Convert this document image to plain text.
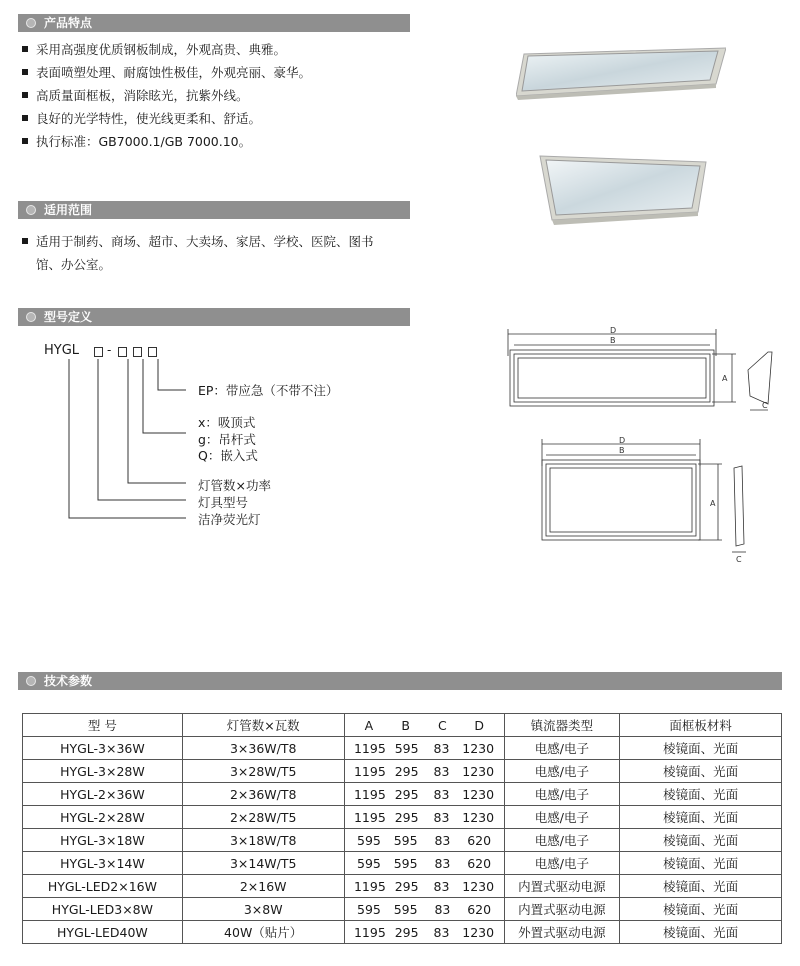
产品特点
采用高强度优质钢板制成，外观高贵、典雅。
表面喷塑处理、耐腐蚀性极佳，外观亮丽、豪华。
高质量面框板，消除眩光，抗紫外线。
良好的光学特性，使光线更柔和、舒适。
执行标准：GB7000.1/GB 7000.10。
适用范围
适用于制药、商场、超市、大卖场、家居、学校、医院、图书
馆、办公室。
型号定义
HYGL -
EP：带应急（不带不注）
x：吸顶式
g：吊杆式
Q：嵌入式
灯管数×功率
灯具型号
洁净荧光灯
D
B
A
C
D
B
A
C
技术参数
型 号	灯管数×瓦数	A B C D	镇流器类型	面框板材料
HYGL-3×36W	3×36W/T8	1195 595 83 1230	电感/电子	棱镜面、光面
HYGL-3×28W	3×28W/T5	1195 295 83 1230	电感/电子	棱镜面、光面
HYGL-2×36W	2×36W/T8	1195 295 83 1230	电感/电子	棱镜面、光面
HYGL-2×28W	2×28W/T5	1195 295 83 1230	电感/电子	棱镜面、光面
HYGL-3×18W	3×18W/T8	595 595 83 620	电感/电子	棱镜面、光面
HYGL-3×14W	3×14W/T5	595 595 83 620	电感/电子	棱镜面、光面
HYGL-LED2×16W	2×16W	1195 295 83 1230	内置式驱动电源	棱镜面、光面
HYGL-LED3×8W	3×8W	595 595 83 620	内置式驱动电源	棱镜面、光面
HYGL-LED40W	40W（贴片）	1195 295 83 1230	外置式驱动电源	棱镜面、光面
